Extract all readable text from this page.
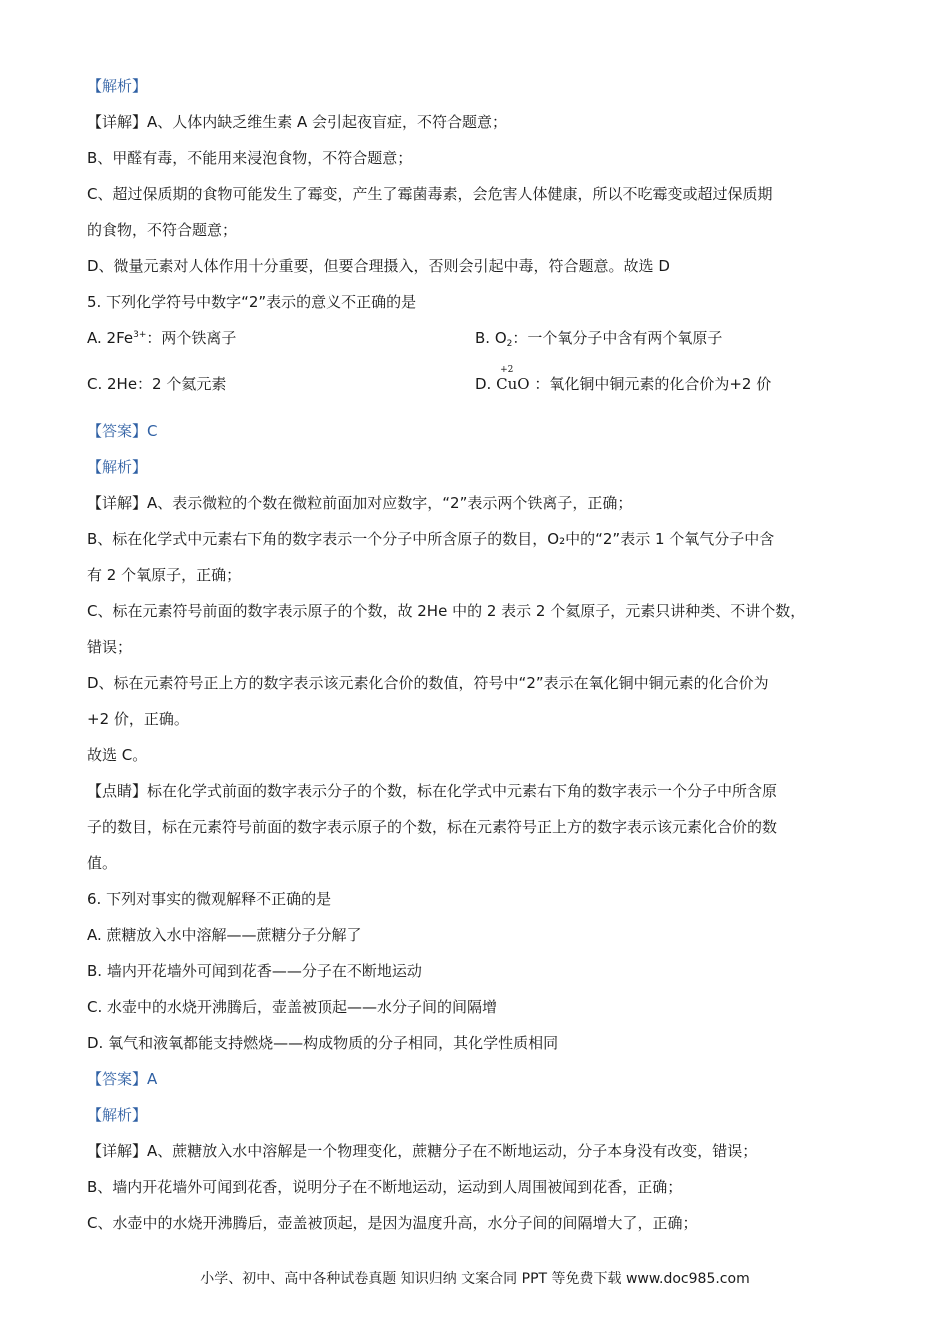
【解析】
【详解】A、人体内缺乏维生素 A 会引起夜盲症，不符合题意；
B、甲醛有毒，不能用来浸泡食物，不符合题意；
C、超过保质期的食物可能发生了霉变，产生了霉菌毒素，会危害人体健康，所以不吃霉变或超过保质期
的食物，不符合题意；
D、微量元素对人体作用十分重要，但要合理摄入，否则会引起中毒，符合题意。故选 D
5. 下列化学符号中数字“2”表示的意义不正确的是
A. $2Fe^{3+}$：两个铁离子	B. $O_2$：一个氧分子中含有两个氧原子
C. 2He：2 个氦元素	D.
+2
CuO ：氧化铜中铜元素的化合价为+2 价
【答案】C
【解析】
【详解】A、表示微粒的个数在微粒前面加对应数字，“2”表示两个铁离子，正确；
B、标在化学式中元素右下角的数字表示一个分子中所含原子的数目，O₂中的“2”表示 1 个氧气分子中含
有 2 个氧原子，正确；
C、标在元素符号前面的数字表示原子的个数，故 2He 中的 2 表示 2 个氦原子，元素只讲种类、不讲个数，
错误；
D、标在元素符号正上方的数字表示该元素化合价的数值，符号中“2”表示在氧化铜中铜元素的化合价为
+2 价，正确。
故选 C。
【点睛】标在化学式前面的数字表示分子的个数，标在化学式中元素右下角的数字表示一个分子中所含原
子的数目，标在元素符号前面的数字表示原子的个数，标在元素符号正上方的数字表示该元素化合价的数
值。
6. 下列对事实的微观解释不正确的是
A. 蔗糖放入水中溶解——蔗糖分子分解了
B. 墙内开花墙外可闻到花香——分子在不断地运动
C. 水壶中的水烧开沸腾后，壶盖被顶起——水分子间的间隔增
D. 氧气和液氧都能支持燃烧——构成物质的分子相同，其化学性质相同
【答案】A
【解析】
【详解】A、蔗糖放入水中溶解是一个物理变化，蔗糖分子在不断地运动，分子本身没有改变，错误；
B、墙内开花墙外可闻到花香，说明分子在不断地运动，运动到人周围被闻到花香，正确；
C、水壶中的水烧开沸腾后，壶盖被顶起，是因为温度升高，水分子间的间隔增大了，正确；
小学、初中、高中各种试卷真题 知识归纳 文案合同 PPT 等免费下载 www.doc985.com
